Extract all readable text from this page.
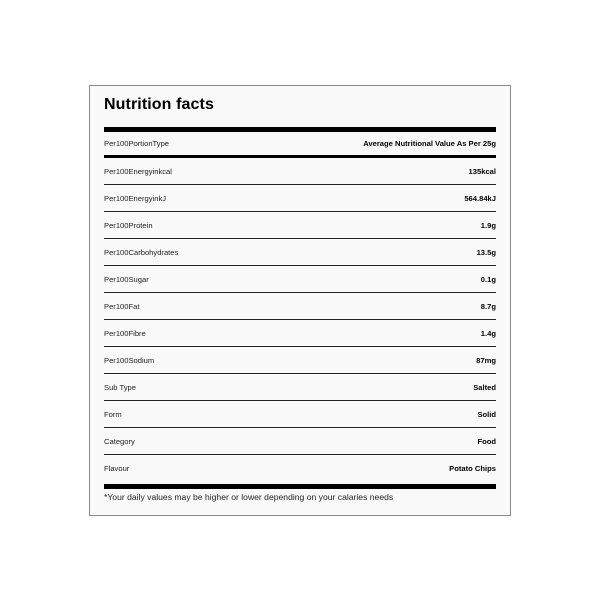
Nutrition facts
Per100PortionType	Average Nutritional Value As Per 25g
Per100Energyinkcal	135kcal
Per100EnergyinkJ	564.84kJ
Per100Protein	1.9g
Per100Carbohydrates	13.5g
Per100Sugar	0.1g
Per100Fat	8.7g
Per100Fibre	1.4g
Per100Sodium	87mg
Sub Type	Salted
Form	Solid
Category	Food
Flavour	Potato Chips
*Your daily values may be higher or lower depending on your calaries needs
